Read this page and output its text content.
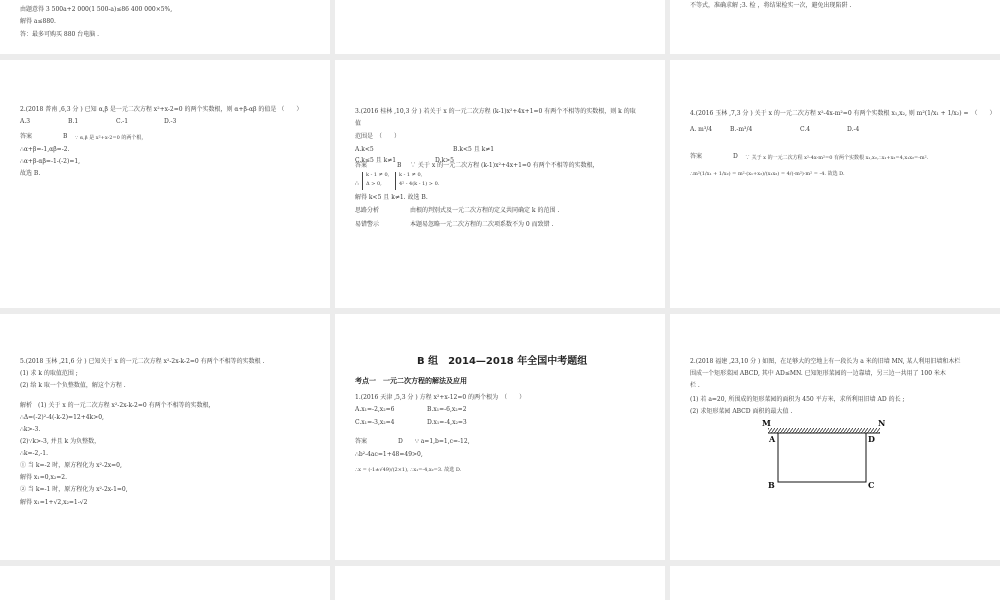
由题意得 3 500a+2 000(1 500-a)≤86 400 000×5%,
解得 a≤880.
答：最多可购买 880 台电脑 .
不等式，准确求解 ;3. 检 ，将结果检实一次，避免出现陷阱 .
2.(2018 普南 ,6,3 分 ) 已知 α,β 是一元二次方程 x²+x-2=0 的两个实数根，则 α+β-αβ 的值是 （　　）
A.3	B.1	C.-1	D.-3
答案	B ∵ α,β 是 x²+x-2=0 的两个根，
∴α+β=-1,αβ=-2.
∴α+β-αβ=-1-(-2)=1,
故选 B.
3.(2016 桂林 ,10,3 分 ) 若关于 x 的一元二次方程 (k-1)x²+4x+1=0 有两个不相等的实数根，则 k 的取
值
范围是　（　　）
A.k<5	B.k<5 且 k≠1
C.k≤5 且 k≠1	D.k>5
答案	B ∵ 关于 x 的一元二次方程 (k-1)x²+4x+1=0 有两个不相等的实数根，
∴
k - 1 ≠ 0,
Δ > 0,
k - 1 ≠ 0,
4² - 4(k - 1) > 0.
解得 k<5 且 k≠1. 故选 B.
思路分析	由根的判别式及一元二次方程的定义共同确定 k 的范围 .
易错警示	本题易忽略一元二次方程的二次项系数不为 0 而致错 .
4.(2016 玉林 ,7,3 分 ) 关于 x 的一元二次方程 x²-4x-m²=0 有两个实数根 x₁,x₂, 则 m²(1/x₁ + 1/x₂) =　（　　）
A. m³/4	B.-m³/4	C.4	D.-4
答案	D ∵ 关于 x 的一元二次方程 x²-4x-m²=0 有两个实数根 x₁,x₂,∴x₁+x₂=4,x₁x₂=-m².
∴m²(1/x₁ + 1/x₂) = m²·(x₁+x₂)/(x₁x₂) = 4/(-m²)·m² = -4. 故选 D.
5.(2018 玉林 ,21,6 分 ) 已知关于 x 的一元二次方程 x²-2x-k-2=0 有两个不相等的实数根 .
(1) 求 k 的取值范围 ;
(2) 给 k 取一个负整数值，解这个方程 .
解析　(1) 关于 x 的一元二次方程 x²-2x-k-2=0 有两个不相等的实数根，
∴Δ=(-2)²-4(-k-2)=12+4k>0,
∴k>-3.
(2)∵k>-3, 并且 k 为负整数，
∴k=-2,-1.
① 当 k=-2 时，原方程化为 x²-2x=0,
解得 x₁=0,x₂=2.
② 当 k=-1 时，原方程化为 x²-2x-1=0,
解得 x₁=1+√2,x₂=1-√2
B 组　2014—2018 年全国中考题组
考点一　一元二次方程的解法及应用
1.(2016 天津 ,5,3 分 ) 方程 x²+x-12=0 的两个根为　（　　）
A.x₁=-2,x₂=6	B.x₁=-6,x₂=2
C.x₁=-3,x₂=4	D.x₁=-4,x₂=3
答案	D ∵ a=1,b=1,c=-12,
∴b²-4ac=1+48=49>0,
∴x = (-1±√49)/(2×1), ∴x₁=-4,x₂=3. 故选 D.
2.(2018 福建 ,23,10 分 ) 如图，在足够大的空地上有一段长为 a 米的旧墙 MN, 某人利用旧墙和木栏
围成一个矩形菜园 ABCD, 其中 AD≤MN. 已知矩形菜园的一边靠墙，另三边一共用了 100 米木
栏 .
(1) 若 a=20, 所围成的矩形菜园的面积为 450 平方米，求所利用旧墙 AD 的长 ;
(2) 求矩形菜园 ABCD 面积的最大值 .
M	N
A	D
B	C
